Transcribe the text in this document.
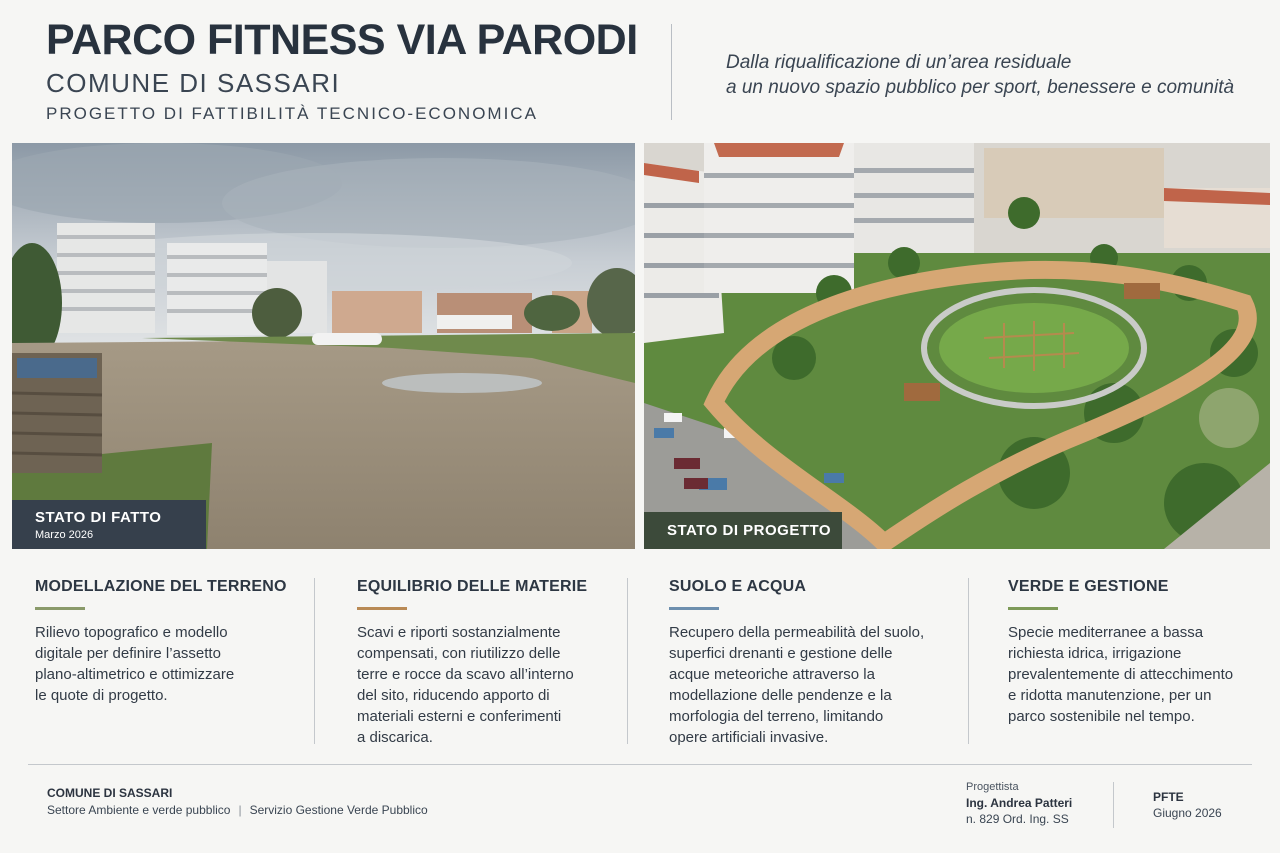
PARCO FITNESS VIA PARODI
COMUNE DI SASSARI
PROGETTO DI FATTIBILITÀ TECNICO-ECONOMICA
Dalla riqualificazione di un’area residuale
a un nuovo spazio pubblico per sport, benessere e comunità
STATO DI FATTO
Marzo 2026	STATO DI PROGETTO
MODELLAZIONE DEL TERRENO

Rilievo topografico e modello
digitale per definire l’assetto
plano-altimetrico e ottimizzare
le quote di progetto.

EQUILIBRIO DELLE MATERIE

Scavi e riporti sostanzialmente
compensati, con riutilizzo delle
terre e rocce da scavo all’interno
del sito, riducendo apporto di
materiali esterni e conferimenti
a discarica.

SUOLO E ACQUA

Recupero della permeabilità del suolo,
superfici drenanti e gestione delle
acque meteoriche attraverso la
modellazione delle pendenze e la
morfologia del terreno, limitando
opere artificiali invasive.

VERDE E GESTIONE

Specie mediterranee a bassa
richiesta idrica, irrigazione
prevalentemente di attecchimento
e ridotta manutenzione, per un
parco sostenibile nel tempo.

COMUNE DI SASSARI
Settore Ambiente e verde pubblico | Servizio Gestione Verde Pubblico
Progettista
Ing. Andrea Patteri
n. 829 Ord. Ing. SS
PFTE
Giugno 2026
